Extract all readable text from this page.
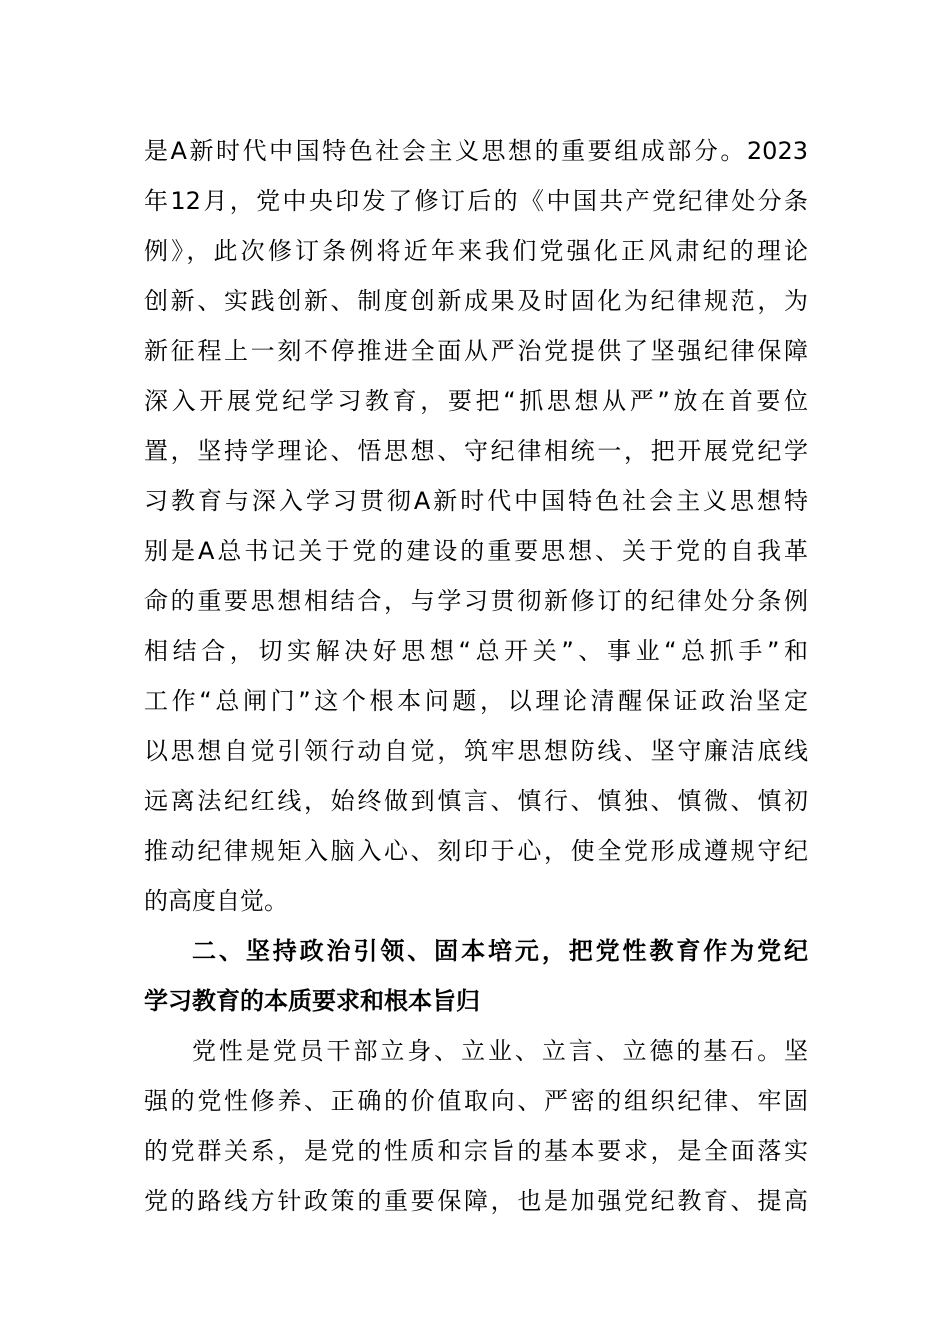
是A新时代中国特色社会主义思想的重要组成部分。2023
年12月，党中央印发了修订后的《中国共产党纪律处分条
例》，此次修订条例将近年来我们党强化正风肃纪的理论
创新、实践创新、制度创新成果及时固化为纪律规范，为
新征程上一刻不停推进全面从严治党提供了坚强纪律保障
深入开展党纪学习教育，要把“抓思想从严”放在首要位
置，坚持学理论、悟思想、守纪律相统一，把开展党纪学
习教育与深入学习贯彻A新时代中国特色社会主义思想特
别是A总书记关于党的建设的重要思想、关于党的自我革
命的重要思想相结合，与学习贯彻新修订的纪律处分条例
相结合，切实解决好思想“总开关”、事业“总抓手”和
工作“总闸门”这个根本问题，以理论清醒保证政治坚定
以思想自觉引领行动自觉，筑牢思想防线、坚守廉洁底线
远离法纪红线，始终做到慎言、慎行、慎独、慎微、慎初
推动纪律规矩入脑入心、刻印于心，使全党形成遵规守纪
的高度自觉。
二、坚持政治引领、固本培元，把党性教育作为党纪
学习教育的本质要求和根本旨归
党性是党员干部立身、立业、立言、立德的基石。坚
强的党性修养、正确的价值取向、严密的组织纪律、牢固
的党群关系，是党的性质和宗旨的基本要求，是全面落实
党的路线方针政策的重要保障，也是加强党纪教育、提高
